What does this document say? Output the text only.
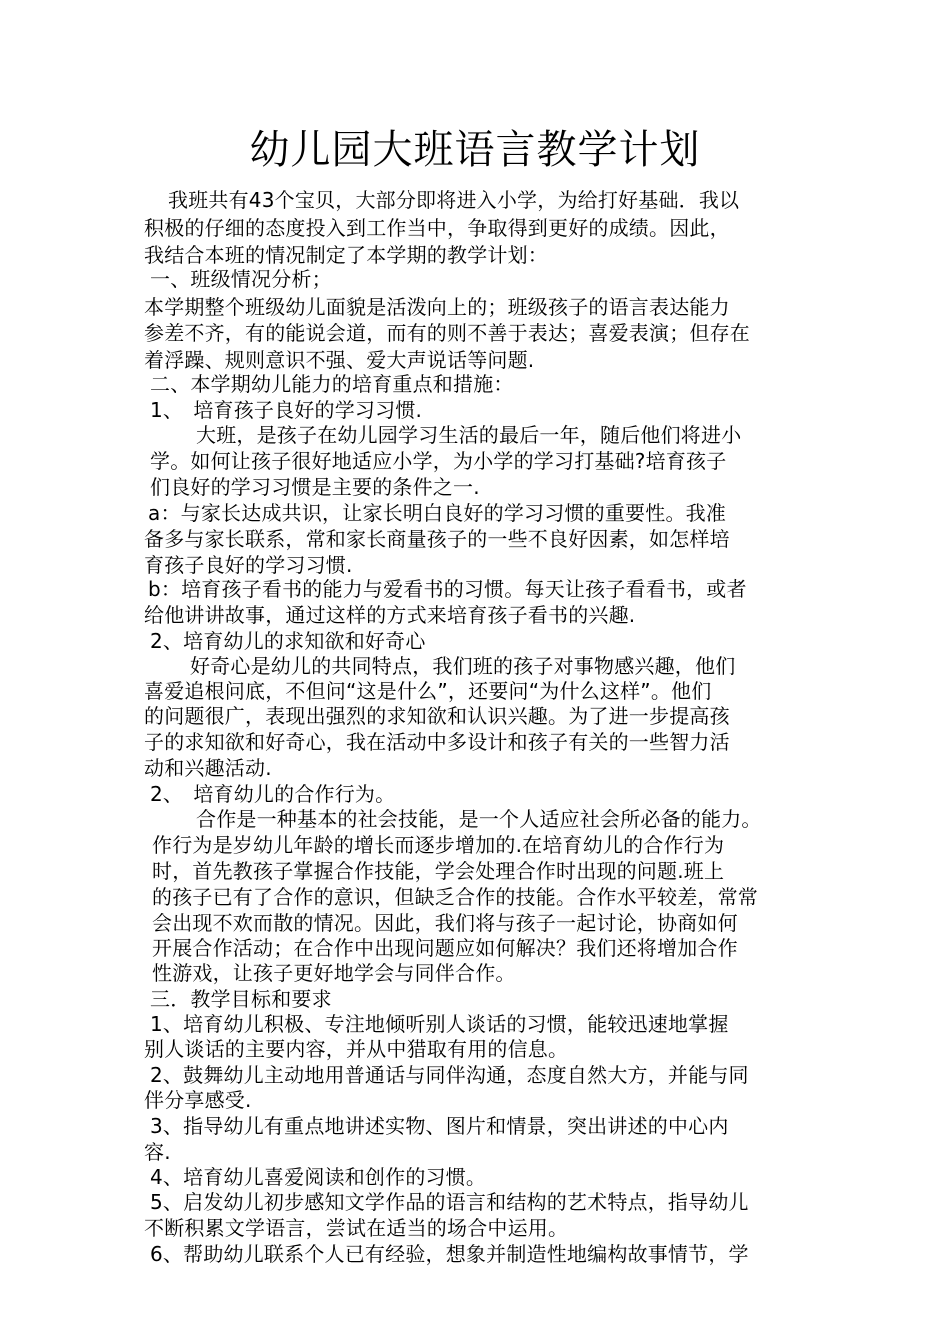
幼儿园大班语言教学计划
我班共有43个宝贝，大部分即将进入小学，为给打好基础．我以
积极的仔细的态度投入到工作当中，争取得到更好的成绩。因此，
我结合本班的情况制定了本学期的教学计划：
一、班级情况分析；
本学期整个班级幼儿面貌是活泼向上的；班级孩子的语言表达能力
参差不齐，有的能说会道，而有的则不善于表达；喜爱表演；但存在
着浮躁、规则意识不强、爱大声说话等问题.
二、本学期幼儿能力的培育重点和措施：
1、　培育孩子良好的学习习惯.
大班，是孩子在幼儿园学习生活的最后一年，随后他们将进小
学。如何让孩子很好地适应小学，为小学的学习打基础?培育孩子
们良好的学习习惯是主要的条件之一.
a：与家长达成共识，让家长明白良好的学习习惯的重要性。我准
备多与家长联系，常和家长商量孩子的一些不良好因素，如怎样培
育孩子良好的学习习惯.
b：培育孩子看书的能力与爱看书的习惯。每天让孩子看看书，或者
给他讲讲故事，通过这样的方式来培育孩子看书的兴趣.
2、培育幼儿的求知欲和好奇心
好奇心是幼儿的共同特点，我们班的孩子对事物感兴趣，他们
喜爱追根问底，不但问“这是什么”，还要问“为什么这样”。他们
的问题很广，表现出强烈的求知欲和认识兴趣。为了进一步提高孩
子的求知欲和好奇心，我在活动中多设计和孩子有关的一些智力活
动和兴趣活动.
2、　培育幼儿的合作行为。
合作是一种基本的社会技能，是一个人适应社会所必备的能力。
作行为是岁幼儿年龄的增长而逐步增加的.在培育幼儿的合作行为
时，首先教孩子掌握合作技能，学会处理合作时出现的问题.班上
的孩子已有了合作的意识，但缺乏合作的技能。合作水平较差，常常
会出现不欢而散的情况。因此，我们将与孩子一起讨论，协商如何
开展合作活动；在合作中出现问题应如何解决？我们还将增加合作
性游戏，让孩子更好地学会与同伴合作。
三．教学目标和要求
1、培育幼儿积极、专注地倾听别人谈话的习惯，能较迅速地掌握
别人谈话的主要内容，并从中猎取有用的信息。
2、鼓舞幼儿主动地用普通话与同伴沟通，态度自然大方，并能与同
伴分享感受.
3、指导幼儿有重点地讲述实物、图片和情景，突出讲述的中心内
容.
4、培育幼儿喜爱阅读和创作的习惯。
5、启发幼儿初步感知文学作品的语言和结构的艺术特点，指导幼儿
不断积累文学语言，尝试在适当的场合中运用。
6、帮助幼儿联系个人已有经验，想象并制造性地编构故事情节，学
